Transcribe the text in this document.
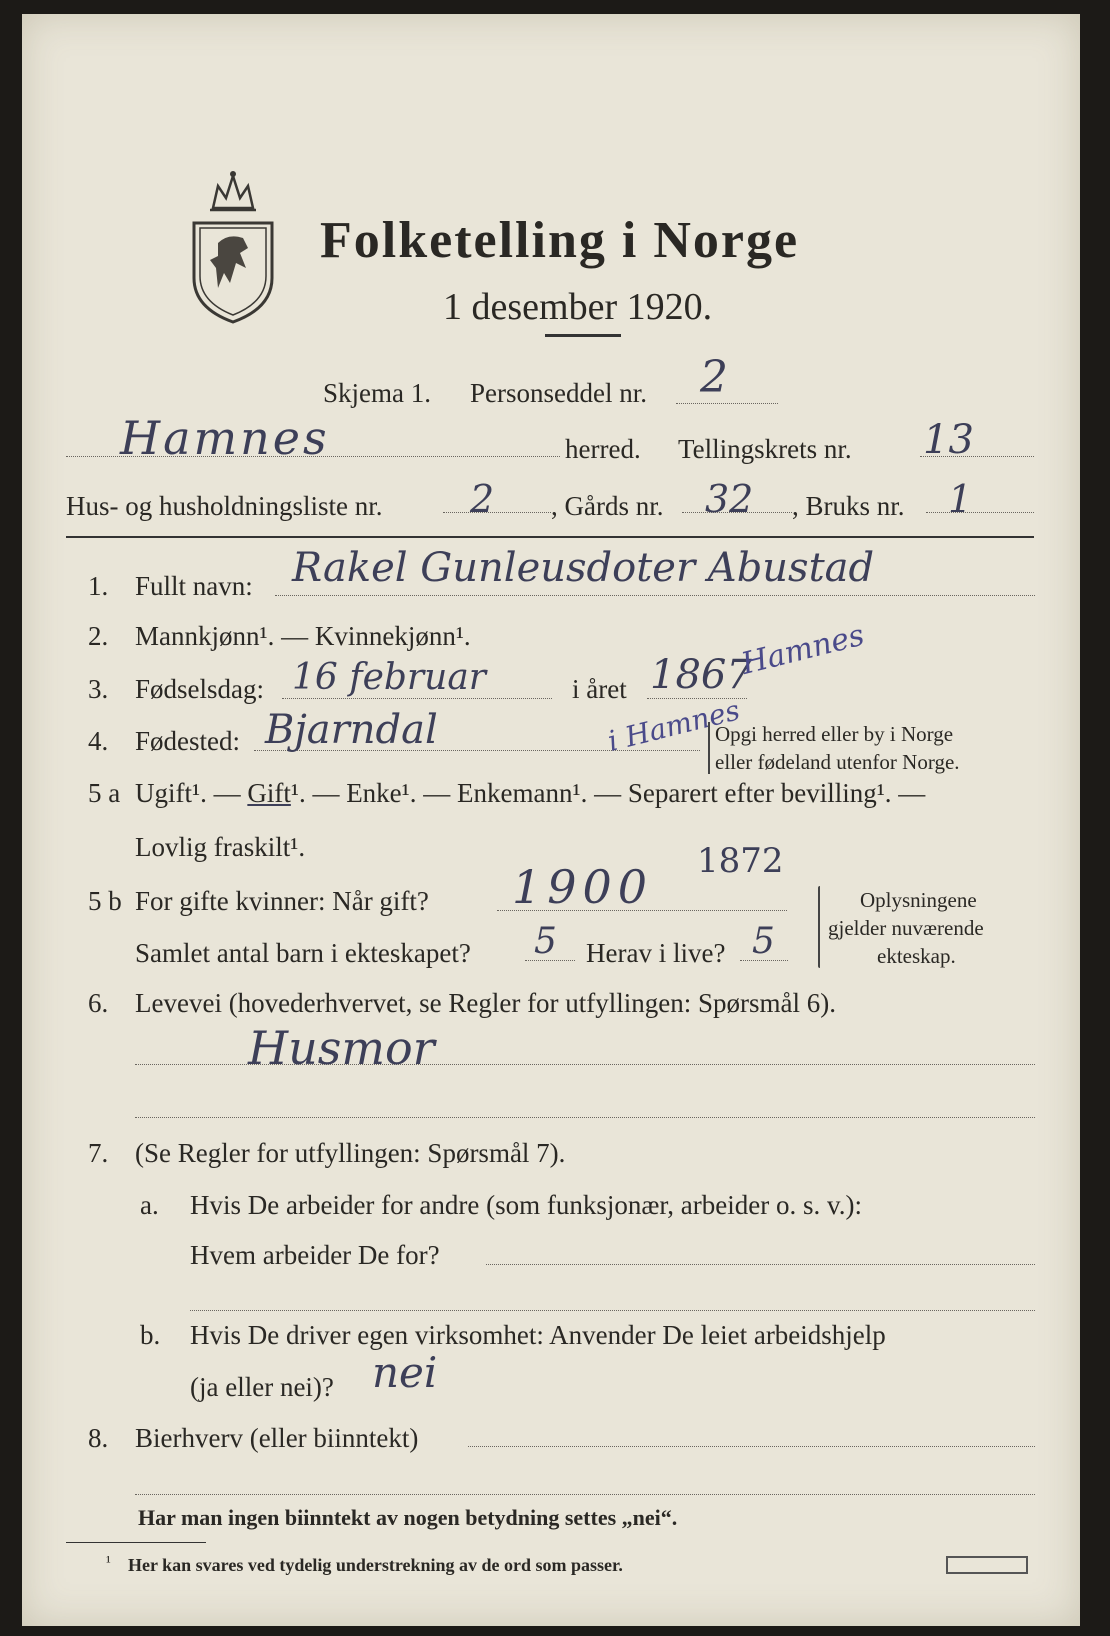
Folketelling i Norge
1 desember 1920.
Skjema 1. Personseddel nr. 2
Hamnes	herred. Tellingskrets nr. 13
Hus- og husholdningsliste nr. 2 , Gårds nr. 32 , Bruks nr. 1
1. Fullt navn: Rakel Gunleusdoter Abustad
2. Mannkjønn¹. — Kvinnekjønn¹.
3. Fødselsdag: 16 februar	i året 1867
Hamnes
4. Fødested: Bjarndal	i Hamnes
Opgi herred eller by i Norge
eller fødeland utenfor Norge.
5 a Ugift¹. — Gift¹. — Enke¹. — Enkemann¹. — Separert efter bevilling¹. —
Lovlig fraskilt¹.
5 b For gifte kvinner: Når gift? 1900 1872
Samlet antal barn i ekteskapet? 5 Herav i live? 5
Oplysningene
gjelder nuværende
ekteskap.
6. Levevei (hovederhvervet, se Regler for utfyllingen: Spørsmål 6).
Husmor
7. (Se Regler for utfyllingen: Spørsmål 7).
a. Hvis De arbeider for andre (som funksjonær, arbeider o. s. v.):
Hvem arbeider De for?
b. Hvis De driver egen virksomhet: Anvender De leiet arbeidshjelp
(ja eller nei)? nei
8. Bierhverv (eller biinntekt)
Har man ingen biinntekt av nogen betydning settes „nei“.
¹ Her kan svares ved tydelig understrekning av de ord som passer.
